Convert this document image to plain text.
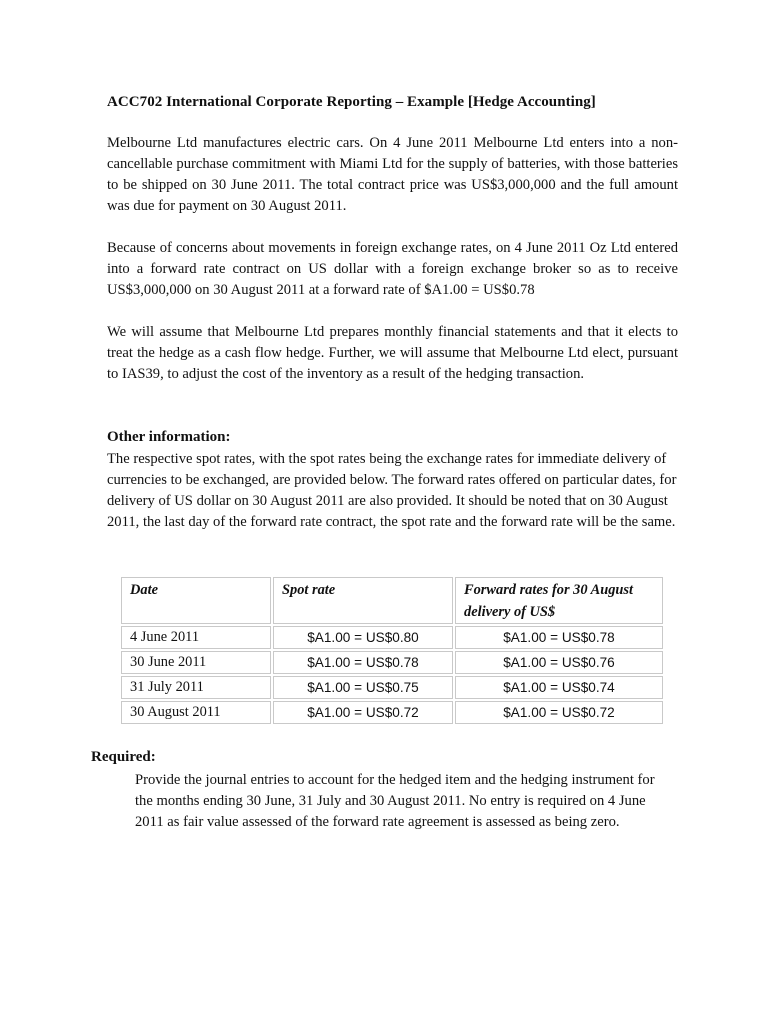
ACC702 International Corporate Reporting – Example [Hedge Accounting]
Melbourne Ltd manufactures electric cars. On 4 June 2011 Melbourne Ltd enters into a non-cancellable purchase commitment with Miami Ltd for the supply of batteries, with those batteries to be shipped on 30 June 2011. The total contract price was US$3,000,000 and the full amount was due for payment on 30 August 2011.
Because of concerns about movements in foreign exchange rates, on 4 June 2011 Oz Ltd entered into a forward rate contract on US dollar with a foreign exchange broker so as to receive US$3,000,000 on 30 August 2011 at a forward rate of $A1.00 = US$0.78
We will assume that Melbourne Ltd prepares monthly financial statements and that it elects to treat the hedge as a cash flow hedge. Further, we will assume that Melbourne Ltd elect, pursuant to IAS39, to adjust the cost of the inventory as a result of the hedging transaction.
Other information:
The respective spot rates, with the spot rates being the exchange rates for immediate delivery of currencies to be exchanged, are provided below. The forward rates offered on particular dates, for delivery of US dollar on 30 August 2011 are also provided. It should be noted that on 30 August 2011, the last day of the forward rate contract, the spot rate and the forward rate will be the same.
Date	Spot rate	Forward rates for 30 August delivery of US$
4 June 2011	$A1.00 = US$0.80	$A1.00 = US$0.78
30 June 2011	$A1.00 = US$0.78	$A1.00 = US$0.76
31 July 2011	$A1.00 = US$0.75	$A1.00 = US$0.74
30 August 2011	$A1.00 = US$0.72	$A1.00 = US$0.72
Required:
Provide the journal entries to account for the hedged item and the hedging instrument for the months ending 30 June, 31 July and 30 August 2011. No entry is required on 4 June 2011 as fair value assessed of the forward rate agreement is assessed as being zero.
